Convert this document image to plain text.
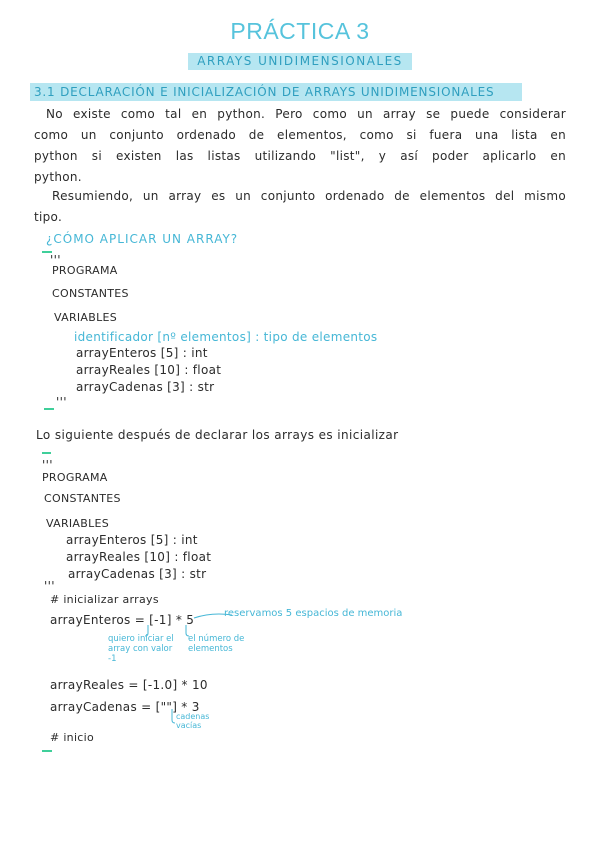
PRÁCTICA 3
ARRAYS UNIDIMENSIONALES
3.1 DECLARACIÓN E INICIALIZACIÓN DE ARRAYS UNIDIMENSIONALES
No existe como tal en python. Pero como un array se puede considerar
como un conjunto ordenado de elementos, como si fuera una lista en
python si existen las listas utilizando "list", y así poder aplicarlo en
python.
Resumiendo, un array es un conjunto ordenado de elementos del mismo
tipo.
¿CÓMO APLICAR UN ARRAY?
'''
PROGRAMA
CONSTANTES
VARIABLES
identificador [nº elementos] : tipo de elementos
arrayEnteros [5] : int
arrayReales [10] : float
arrayCadenas [3] : str
'''
Lo siguiente después de declarar los arrays es inicializar
'''
PROGRAMA
CONSTANTES
VARIABLES
arrayEnteros [5] : int
arrayReales [10] : float
arrayCadenas [3] : str
'''
# inicializar arrays
arrayEnteros = [-1] * 5	reservamos 5 espacios de memoria
quiero iniciar el array con valor -1
el número de elementos
arrayReales = [-1.0] * 10
arrayCadenas = [""] * 3
cadenas vacías
# inicio
